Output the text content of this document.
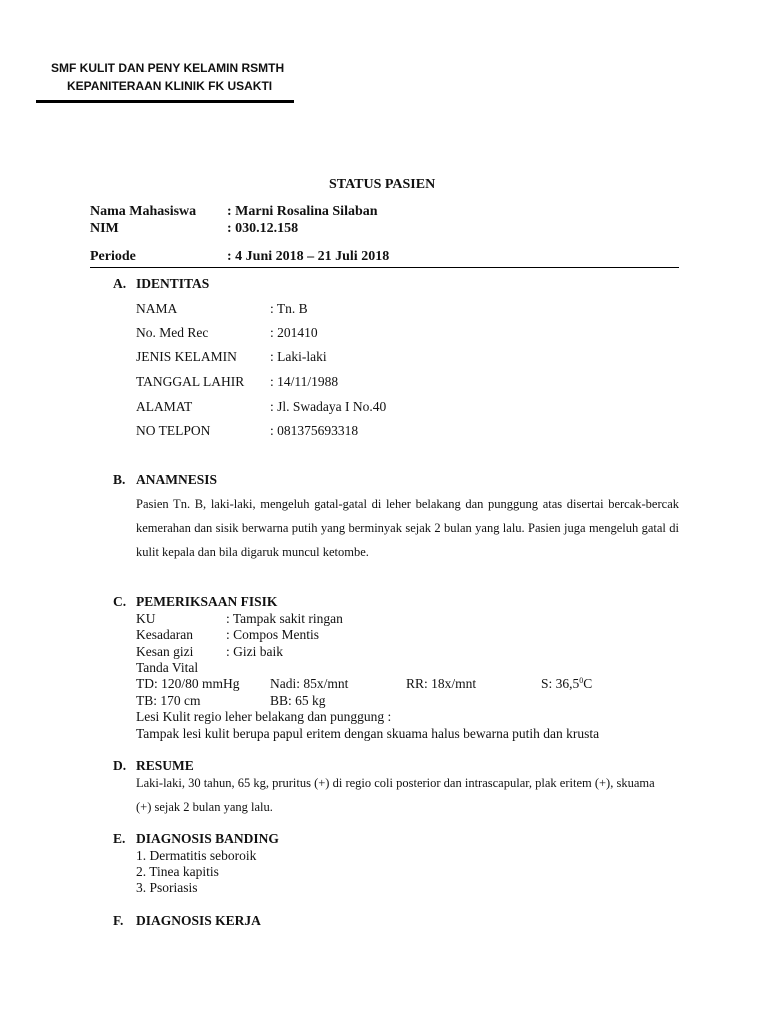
SMF KULIT DAN PENY KELAMIN RSMTH
KEPANITERAAN KLINIK FK USAKTI
STATUS PASIEN
Nama Mahasiswa : Marni Rosalina Silaban
NIM	: 030.12.158
Periode	: 4 Juni 2018 – 21 Juli 2018
A. IDENTITAS
NAMA	: Tn. B
No. Med Rec	: 201410
JENIS KELAMIN : Laki-laki
TANGGAL LAHIR : 14/11/1988
ALAMAT	: Jl. Swadaya I No.40
NO TELPON	: 081375693318
B. ANAMNESIS
Pasien Tn. B, laki-laki, mengeluh gatal-gatal di leher belakang dan punggung atas disertai bercak-bercak kemerahan dan sisik berwarna putih yang berminyak sejak 2 bulan yang lalu. Pasien juga mengeluh gatal di kulit kepala dan bila digaruk muncul ketombe.
C. PEMERIKSAAN FISIK
KU	: Tampak sakit ringan
Kesadaran : Compos Mentis
Kesan gizi : Gizi baik
Tanda Vital
TD: 120/80 mmHg Nadi: 85x/mnt	RR: 18x/mnt	S: 36,5$^0$C
TB: 170 cm	BB: 65 kg
Lesi Kulit regio leher belakang dan punggung :
Tampak lesi kulit berupa papul eritem dengan skuama halus bewarna putih dan krusta
D. RESUME
Laki-laki, 30 tahun, 65 kg, pruritus (+) di regio coli posterior dan intrascapular, plak eritem (+), skuama (+) sejak 2 bulan yang lalu.
E. DIAGNOSIS BANDING
1. Dermatitis seboroik
2. Tinea kapitis
3. Psoriasis
F. DIAGNOSIS KERJA
